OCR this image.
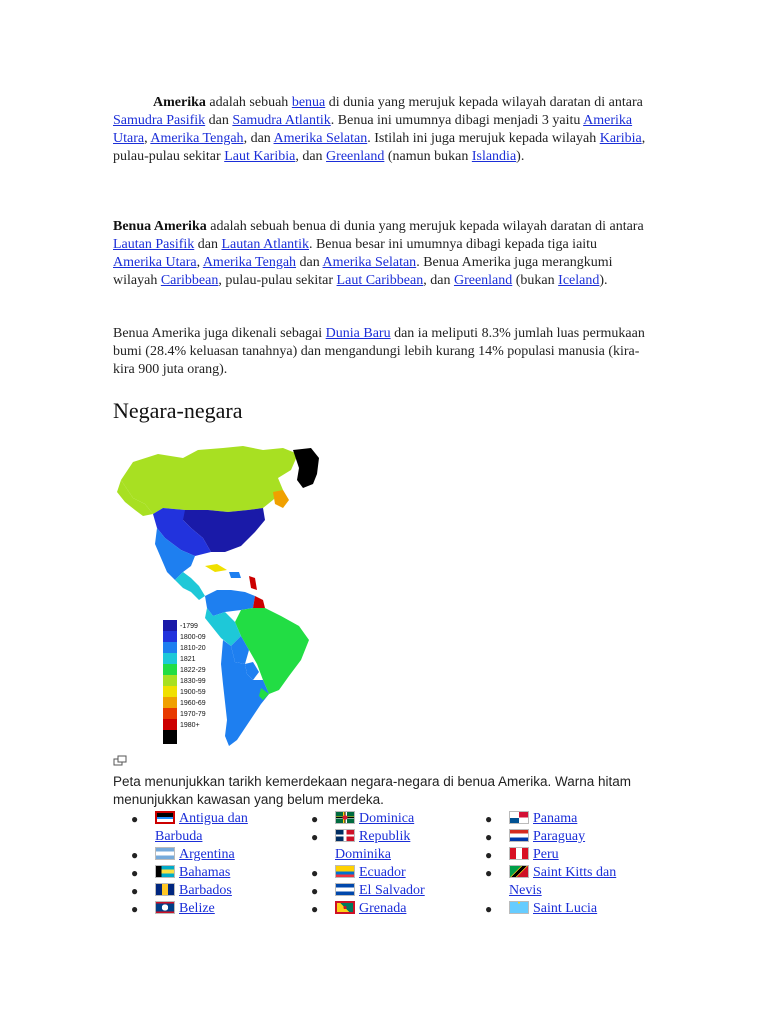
Amerika adalah sebuah benua di dunia yang merujuk kepada wilayah daratan di antara Samudra Pasifik dan Samudra Atlantik. Benua ini umumnya dibagi menjadi 3 yaitu Amerika Utara, Amerika Tengah, dan Amerika Selatan. Istilah ini juga merujuk kepada wilayah Karibia, pulau-pulau sekitar Laut Karibia, dan Greenland (namun bukan Islandia).

Benua Amerika adalah sebuah benua di dunia yang merujuk kepada wilayah daratan di antara Lautan Pasifik dan Lautan Atlantik. Benua besar ini umumnya dibagi kepada tiga iaitu Amerika Utara, Amerika Tengah dan Amerika Selatan. Benua Amerika juga merangkumi wilayah Caribbean, pulau-pulau sekitar Laut Caribbean, dan Greenland (bukan Iceland).

Benua Amerika juga dikenali sebagai Dunia Baru dan ia meliputi 8.3% jumlah luas permukaan bumi (28.4% keluasan tanahnya) dan mengandungi lebih kurang 14% populasi manusia (kira-kira 900 juta orang).

Negara-negara
-1799
1800-09
1810-20
1821
1822-29
1830-99
1900-59
1960-69
1970-79
1980+
Peta menunjukkan tarikh kemerdekaan negara-negara di benua Amerika. Warna hitam menunjukkan kawasan yang belum merdeka.
●	Antigua dan
Barbuda
●	Argentina
●	Bahamas
●	Barbados
●	Belize
●	Dominica
●	Republik
Dominika
●	Ecuador
●	El Salvador
●	Grenada
●	Panama
●	Paraguay
●	Peru
●	Saint Kitts dan
Nevis
●	Saint Lucia
